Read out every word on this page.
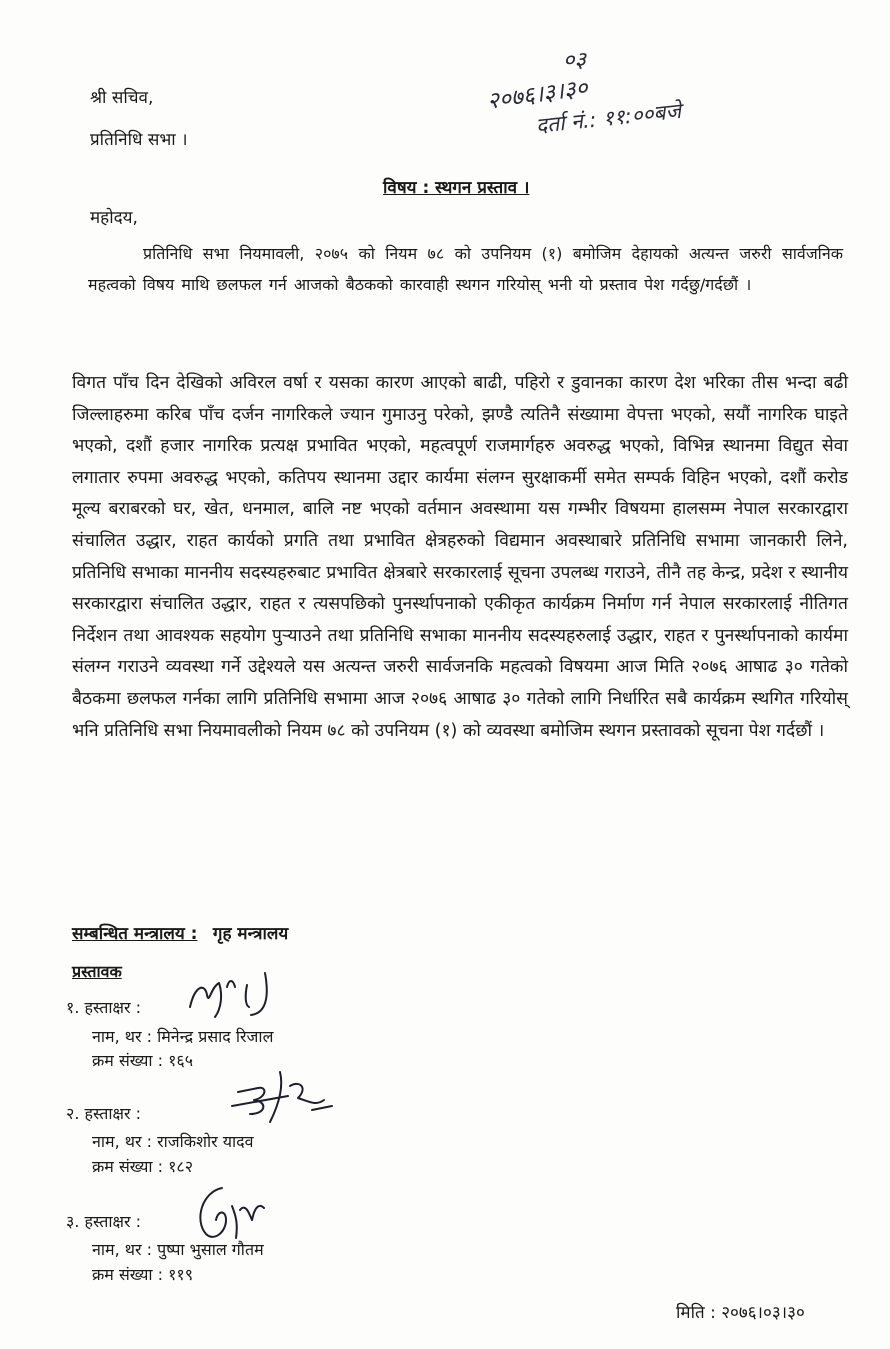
श्री सचिव,
प्रतिनिधि सभा ।
०३
२०७६।३।३०
दर्ता नं.: ११:००बजे
विषय : स्थगन प्रस्ताव ।
महोदय,
प्रतिनिधि सभा नियमावली, २०७५ को नियम ७८ को उपनियम (१) बमोजिम देहायको अत्यन्त जरुरी सार्वजनिक महत्वको विषय माथि छलफल गर्न आजको बैठकको कारवाही स्थगन गरियोस् भनी यो प्रस्ताव पेश गर्दछु/गर्दछौं ।
विगत पाँच दिन देखिको अविरल वर्षा र यसका कारण आएको बाढी, पहिरो र डुवानका कारण देश भरिका तीस भन्दा बढी जिल्लाहरुमा करिब पाँच दर्जन नागरिकले ज्यान गुमाउनु परेको, झण्डै त्यतिनै संख्यामा वेपत्ता भएको, सयौं नागरिक घाइते भएको, दशौं हजार नागरिक प्रत्यक्ष प्रभावित भएको, महत्वपूर्ण राजमार्गहरु अवरुद्ध भएको, विभिन्न स्थानमा विद्युत सेवा लगातार रुपमा अवरुद्ध भएको, कतिपय स्थानमा उद्दार कार्यमा संलग्न सुरक्षाकर्मी समेत सम्पर्क विहिन भएको, दशौं करोड मूल्य बराबरको घर, खेत, धनमाल, बालि नष्ट भएको वर्तमान अवस्थामा यस गम्भीर विषयमा हालसम्म नेपाल सरकारद्वारा संचालित उद्धार, राहत कार्यको प्रगति तथा प्रभावित क्षेत्रहरुको विद्यमान अवस्थाबारे प्रतिनिधि सभामा जानकारी लिने, प्रतिनिधि सभाका माननीय सदस्यहरुबाट प्रभावित क्षेत्रबारे सरकारलाई सूचना उपलब्ध गराउने, तीनै तह केन्द्र, प्रदेश र स्थानीय सरकारद्वारा संचालित उद्धार, राहत र त्यसपछिको पुनर्स्थापनाको एकीकृत कार्यक्रम निर्माण गर्न नेपाल सरकारलाई नीतिगत निर्देशन तथा आवश्यक सहयोग पुऱ्याउने तथा प्रतिनिधि सभाका माननीय सदस्यहरुलाई उद्धार, राहत र पुनर्स्थापनाको कार्यमा संलग्न गराउने व्यवस्था गर्ने उद्देश्यले यस अत्यन्त जरुरी सार्वजनकि महत्वको विषयमा आज मिति २०७६ आषाढ ३० गतेको बैठकमा छलफल गर्नका लागि प्रतिनिधि सभामा आज २०७६ आषाढ ३० गतेको लागि निर्धारित सबै कार्यक्रम स्थगित गरियोस् भनि प्रतिनिधि सभा नियमावलीको नियम ७८ को उपनियम (१) को व्यवस्था बमोजिम स्थगन प्रस्तावको सूचना पेश गर्दछौं ।
सम्बन्धित मन्त्रालय : गृह मन्त्रालय
प्रस्तावक
१. हस्ताक्षर :
नाम, थर : मिनेन्द्र प्रसाद रिजाल
क्रम संख्या : १६५
२. हस्ताक्षर :
नाम, थर : राजकिशोर यादव
क्रम संख्या : १८२
३. हस्ताक्षर :
नाम, थर : पुष्पा भुसाल गौतम
क्रम संख्या : ११९
मिति : २०७६।०३।३०
